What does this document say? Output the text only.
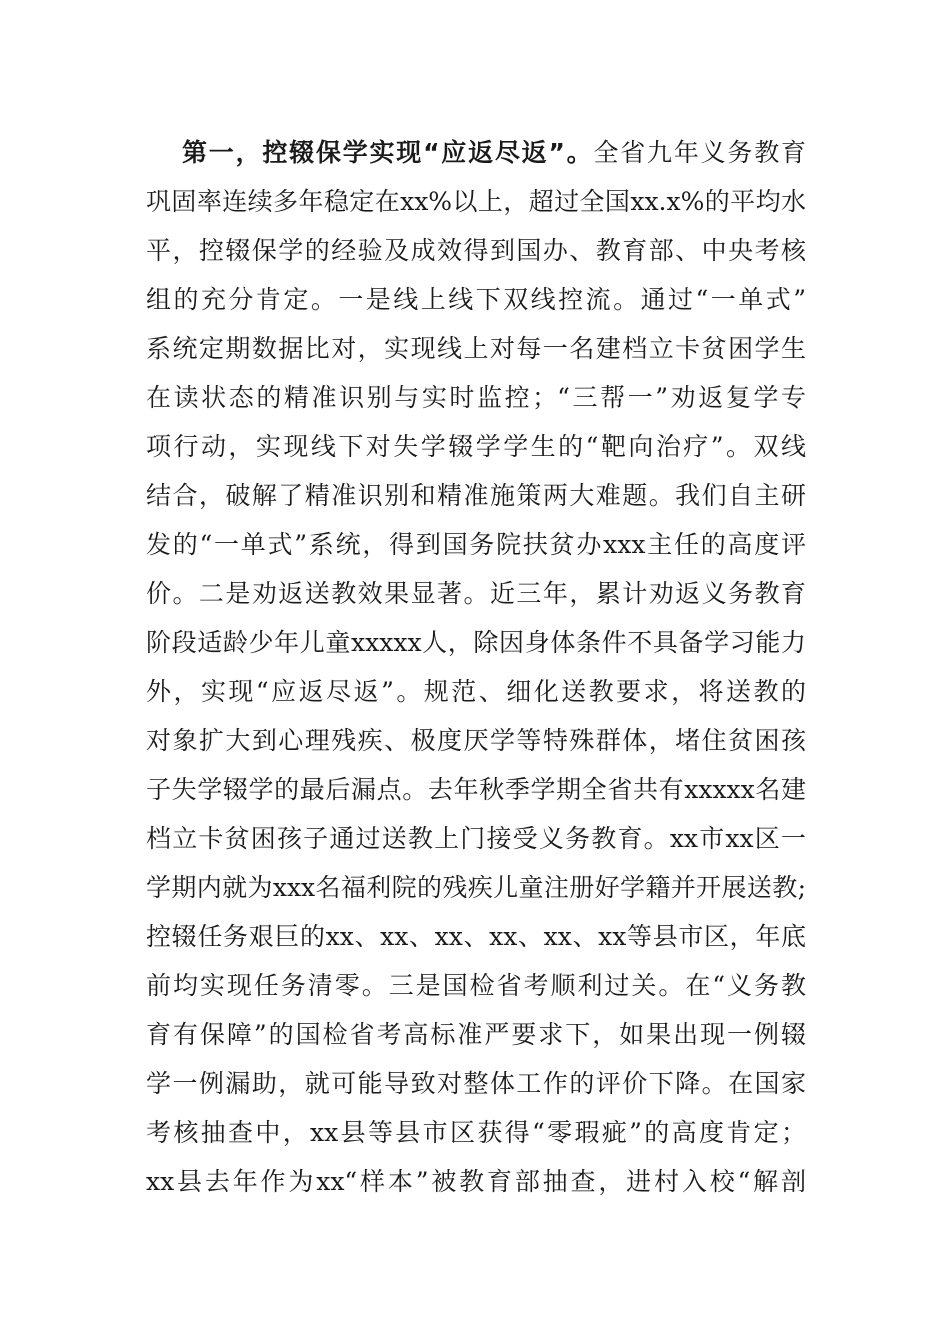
第一，控辍保学实现“应返尽返”。全省九年义务教育
巩固率连续多年稳定在xx%以上，超过全国xx.x%的平均水
平，控辍保学的经验及成效得到国办、教育部、中央考核
组的充分肯定。一是线上线下双线控流。通过“一单式”
系统定期数据比对，实现线上对每一名建档立卡贫困学生
在读状态的精准识别与实时监控；“三帮一”劝返复学专
项行动，实现线下对失学辍学学生的“靶向治疗”。双线
结合，破解了精准识别和精准施策两大难题。我们自主研
发的“一单式”系统，得到国务院扶贫办xxx主任的高度评
价。二是劝返送教效果显著。近三年，累计劝返义务教育
阶段适龄少年儿童xxxxx人，除因身体条件不具备学习能力
外，实现“应返尽返”。规范、细化送教要求，将送教的
对象扩大到心理残疾、极度厌学等特殊群体，堵住贫困孩
子失学辍学的最后漏点。去年秋季学期全省共有xxxxx名建
档立卡贫困孩子通过送教上门接受义务教育。xx市xx区一
学期内就为xxx名福利院的残疾儿童注册好学籍并开展送教;
控辍任务艰巨的xx、xx、xx、xx、xx、xx等县市区，年底
前均实现任务清零。三是国检省考顺利过关。在“义务教
育有保障”的国检省考高标准严要求下，如果出现一例辍
学一例漏助，就可能导致对整体工作的评价下降。在国家
考核抽查中，xx县等县市区获得“零瑕疵”的高度肯定；
xx县去年作为xx“样本”被教育部抽查，进村入校“解剖
